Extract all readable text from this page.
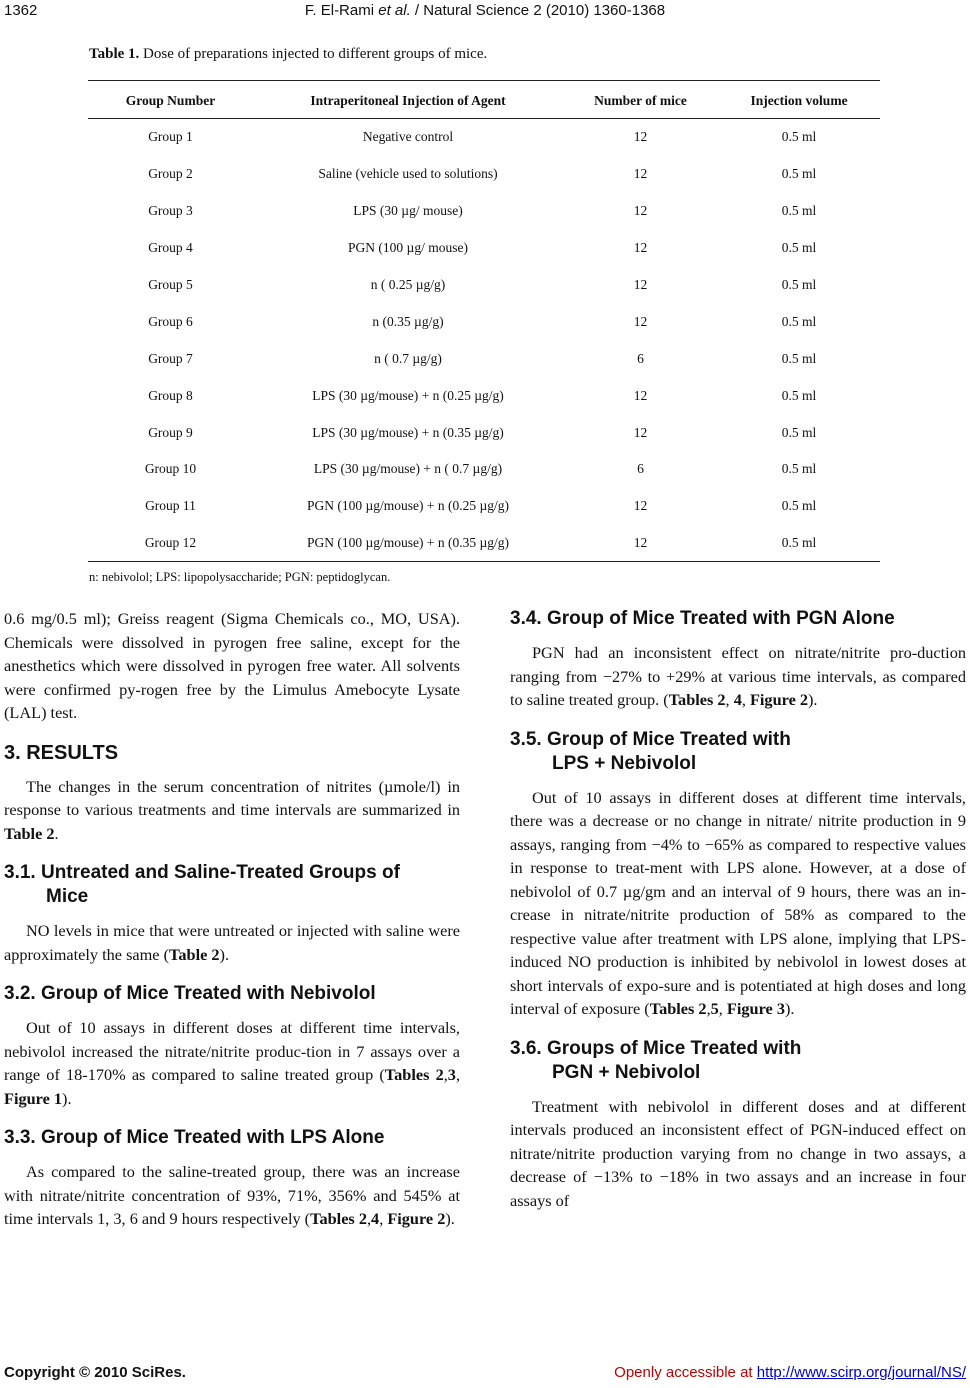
1362	F. El-Rami et al. / Natural Science 2 (2010) 1360-1368
Table 1. Dose of preparations injected to different groups of mice.
Group Number	Intraperitoneal Injection of Agent	Number of mice	Injection volume
Group 1	Negative control	12	0.5 ml
Group 2	Saline (vehicle used to solutions)	12	0.5 ml
Group 3	LPS (30 µg/ mouse)	12	0.5 ml
Group 4	PGN (100 µg/ mouse)	12	0.5 ml
Group 5	n ( 0.25 µg/g)	12	0.5 ml
Group 6	n (0.35 µg/g)	12	0.5 ml
Group 7	n ( 0.7 µg/g)	6	0.5 ml
Group 8	LPS (30 µg/mouse) + n (0.25 µg/g)	12	0.5 ml
Group 9	LPS (30 µg/mouse) + n (0.35 µg/g)	12	0.5 ml
Group 10	LPS (30 µg/mouse) + n ( 0.7 µg/g)	6	0.5 ml
Group 11	PGN (100 µg/mouse) + n (0.25 µg/g)	12	0.5 ml
Group 12	PGN (100 µg/mouse) + n (0.35 µg/g)	12	0.5 ml
n: nebivolol; LPS: lipopolysaccharide; PGN: peptidoglycan.

0.6 mg/0.5 ml); Greiss reagent (Sigma Chemicals co., MO, USA). Chemicals were dissolved in pyrogen free saline, except for the anesthetics which were dissolved in pyrogen free water. All solvents were confirmed py-rogen free by the Limulus Amebocyte Lysate (LAL) test.

3. RESULTS

The changes in the serum concentration of nitrites (µmole/l) in response to various treatments and time intervals are summarized in Table 2.

3.1. Untreated and Saline-Treated Groups of
Mice

NO levels in mice that were untreated or injected with saline were approximately the same (Table 2).

3.2. Group of Mice Treated with Nebivolol

Out of 10 assays in different doses at different time intervals, nebivolol increased the nitrate/nitrite produc-tion in 7 assays over a range of 18-170% as compared to saline treated group (Tables 2,3, Figure 1).

3.3. Group of Mice Treated with LPS Alone

As compared to the saline-treated group, there was an increase with nitrate/nitrite concentration of 93%, 71%, 356% and 545% at time intervals 1, 3, 6 and 9 hours respectively (Tables 2,4, Figure 2).

3.4. Group of Mice Treated with PGN Alone

PGN had an inconsistent effect on nitrate/nitrite pro-duction ranging from −27% to +29% at various time intervals, as compared to saline treated group. (Tables 2, 4, Figure 2).

3.5. Group of Mice Treated with
LPS + Nebivolol

Out of 10 assays in different doses at different time intervals, there was a decrease or no change in nitrate/ nitrite production in 9 assays, ranging from −4% to −65% as compared to respective values in response to treat-ment with LPS alone. However, at a dose of nebivolol of 0.7 µg/gm and an interval of 9 hours, there was an in-crease in nitrate/nitrite production of 58% as compared to the respective value after treatment with LPS alone, implying that LPS-induced NO production is inhibited by nebivolol in lowest doses at short intervals of expo-sure and is potentiated at high doses and long interval of exposure (Tables 2,5, Figure 3).

3.6. Groups of Mice Treated with
PGN + Nebivolol

Treatment with nebivolol in different doses and at different intervals produced an inconsistent effect of PGN-induced effect on nitrate/nitrite production varying from no change in two assays, a decrease of −13% to −18% in two assays and an increase in four assays of

Copyright © 2010 SciRes.	Openly accessible at http://www.scirp.org/journal/NS/
